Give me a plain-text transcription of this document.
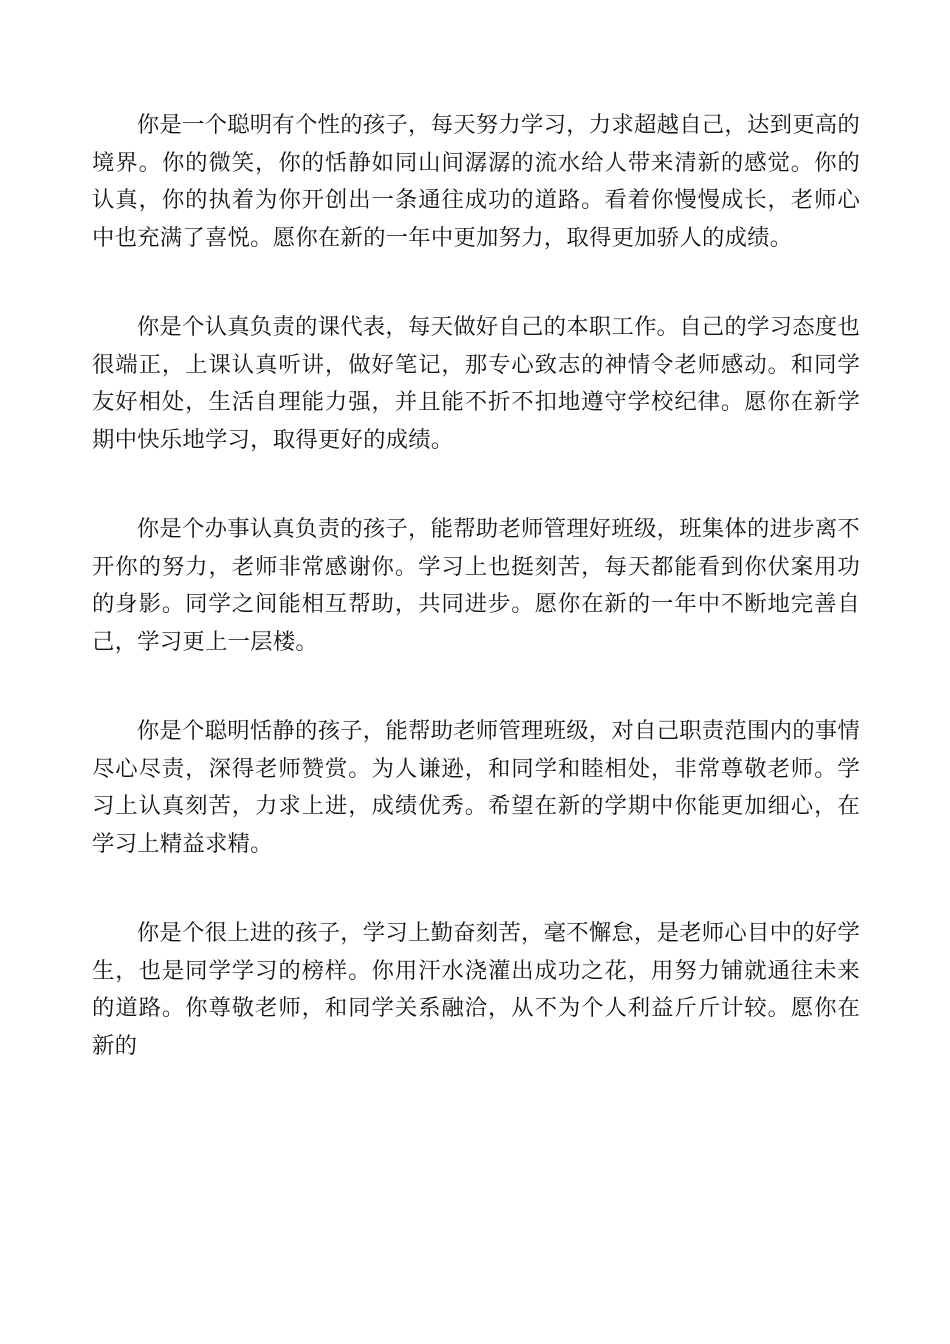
你是一个聪明有个性的孩子，每天努力学习，力求超越自己，达到更高的境界。你的微笑，你的恬静如同山间潺潺的流水给人带来清新的感觉。你的认真，你的执着为你开创出一条通往成功的道路。看着你慢慢成长，老师心中也充满了喜悦。愿你在新的一年中更加努力，取得更加骄人的成绩。

你是个认真负责的课代表，每天做好自己的本职工作。自己的学习态度也很端正，上课认真听讲，做好笔记，那专心致志的神情令老师感动。和同学友好相处，生活自理能力强，并且能不折不扣地遵守学校纪律。愿你在新学期中快乐地学习，取得更好的成绩。

你是个办事认真负责的孩子，能帮助老师管理好班级，班集体的进步离不开你的努力，老师非常感谢你。学习上也挺刻苦，每天都能看到你伏案用功的身影。同学之间能相互帮助，共同进步。愿你在新的一年中不断地完善自己，学习更上一层楼。

你是个聪明恬静的孩子，能帮助老师管理班级，对自己职责范围内的事情尽心尽责，深得老师赞赏。为人谦逊，和同学和睦相处，非常尊敬老师。学习上认真刻苦，力求上进，成绩优秀。希望在新的学期中你能更加细心，在学习上精益求精。

你是个很上进的孩子，学习上勤奋刻苦，毫不懈怠，是老师心目中的好学生，也是同学学习的榜样。你用汗水浇灌出成功之花，用努力铺就通往未来的道路。你尊敬老师，和同学关系融洽，从不为个人利益斤斤计较。愿你在新的
